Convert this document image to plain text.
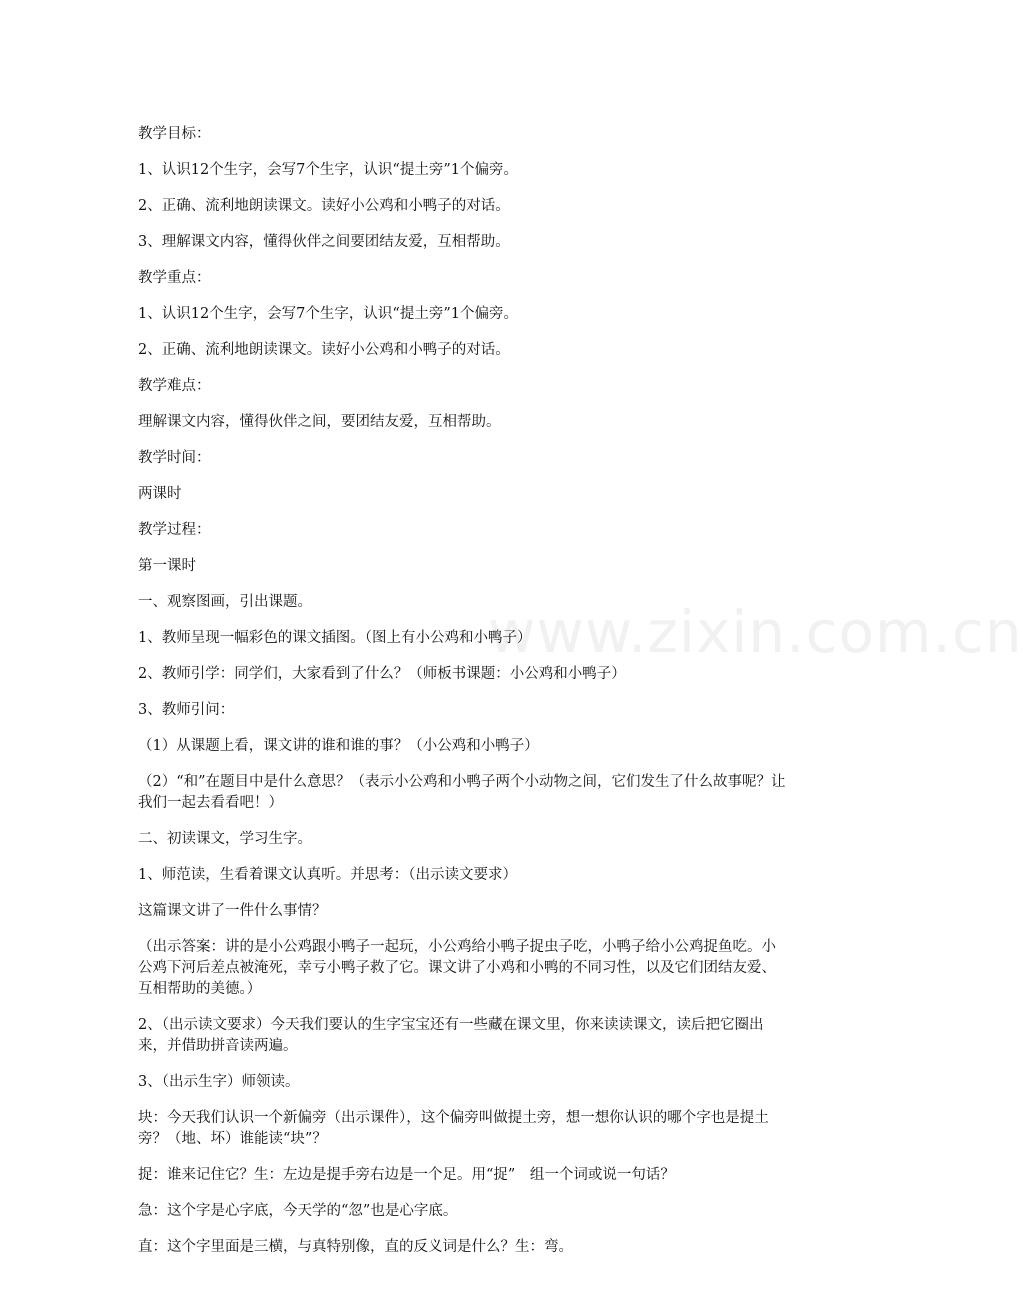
www.zixin.com.cn

教学目标：

1、认识12个生字，会写7个生字，认识“提土旁”1个偏旁。

2、正确、流利地朗读课文。读好小公鸡和小鸭子的对话。

3、理解课文内容，懂得伙伴之间要团结友爱，互相帮助。

教学重点：

1、认识12个生字，会写7个生字，认识“提土旁”1个偏旁。

2、正确、流利地朗读课文。读好小公鸡和小鸭子的对话。

教学难点：

理解课文内容，懂得伙伴之间，要团结友爱，互相帮助。

教学时间：

两课时

教学过程：

第一课时

一、观察图画，引出课题。

1、教师呈现一幅彩色的课文插图。（图上有小公鸡和小鸭子）

2、教师引学：同学们，大家看到了什么？（师板书课题：小公鸡和小鸭子）

3、教师引问：

（1）从课题上看，课文讲的谁和谁的事？（小公鸡和小鸭子）

（2）“和”在题目中是什么意思？（表示小公鸡和小鸭子两个小动物之间，它们发生了什么故事呢？让我们一起去看看吧！）

二、初读课文，学习生字。

1、师范读，生看着课文认真听。并思考：（出示读文要求）

这篇课文讲了一件什么事情？

（出示答案：讲的是小公鸡跟小鸭子一起玩，小公鸡给小鸭子捉虫子吃，小鸭子给小公鸡捉鱼吃。小公鸡下河后差点被淹死，幸亏小鸭子救了它。课文讲了小鸡和小鸭的不同习性，以及它们团结友爱、互相帮助的美德。）

2、（出示读文要求）今天我们要认的生字宝宝还有一些藏在课文里，你来读读课文，读后把它圈出来，并借助拼音读两遍。

3、（出示生字）师领读。

块：今天我们认识一个新偏旁（出示课件），这个偏旁叫做提土旁，想一想你认识的哪个字也是提土旁？（地、坏）谁能读“块”？

捉：谁来记住它？生：左边是提手旁右边是一个足。用“捉”　组一个词或说一句话？

急：这个字是心字底，今天学的“忽”也是心字底。

直：这个字里面是三横，与真特别像，直的反义词是什么？生：弯。
